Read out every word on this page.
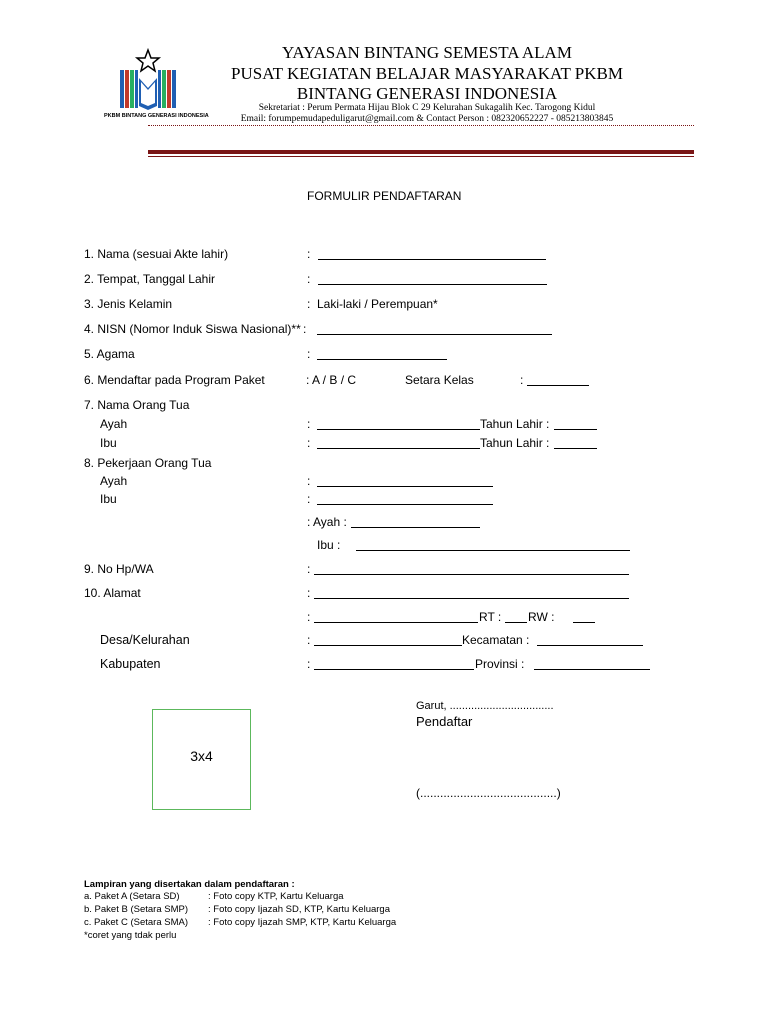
PKBM BINTANG GENERASI INDONESIA
YAYASAN BINTANG SEMESTA ALAM
PUSAT KEGIATAN BELAJAR MASYARAKAT PKBM
BINTANG GENERASI INDONESIA
Sekretariat : Perum Permata Hijau Blok C 29 Kelurahan Sukagalih Kec. Tarogong Kidul
Email: forumpemudapeduligarut@gmail.com & Contact Person : 082320652227 - 085213803845
FORMULIR PENDAFTARAN
1. Nama (sesuai Akte lahir)	:
2. Tempat, Tanggal Lahir	:
3. Jenis Kelamin	: Laki-laki / Perempuan*
4. NISN (Nomor Induk Siswa Nasional)** :
5. Agama	:
6. Mendaftar pada Program Paket	: A / B / C	Setara Kelas	:
7. Nama Orang Tua
Ayah	:	Tahun Lahir :
Ibu	:	Tahun Lahir :
8. Pekerjaan Orang Tua
Ayah	:
Ibu	:
: Ayah :
Ibu :
9. No Hp/WA	:
10. Alamat	:
:	RT : RW :
Desa/Kelurahan	:	Kecamatan :
Kabupaten	:	Provinsi :
3x4
Garut, ..................................
Pendaftar
(.........................................)
Lampiran yang disertakan dalam pendaftaran :
a. Paket A (Setara SD)	: Foto copy KTP, Kartu Keluarga
b. Paket B (Setara SMP) : Foto copy Ijazah SD, KTP, Kartu Keluarga
c. Paket C (Setara SMA) : Foto copy Ijazah SMP, KTP, Kartu Keluarga
*coret yang tdak perlu
